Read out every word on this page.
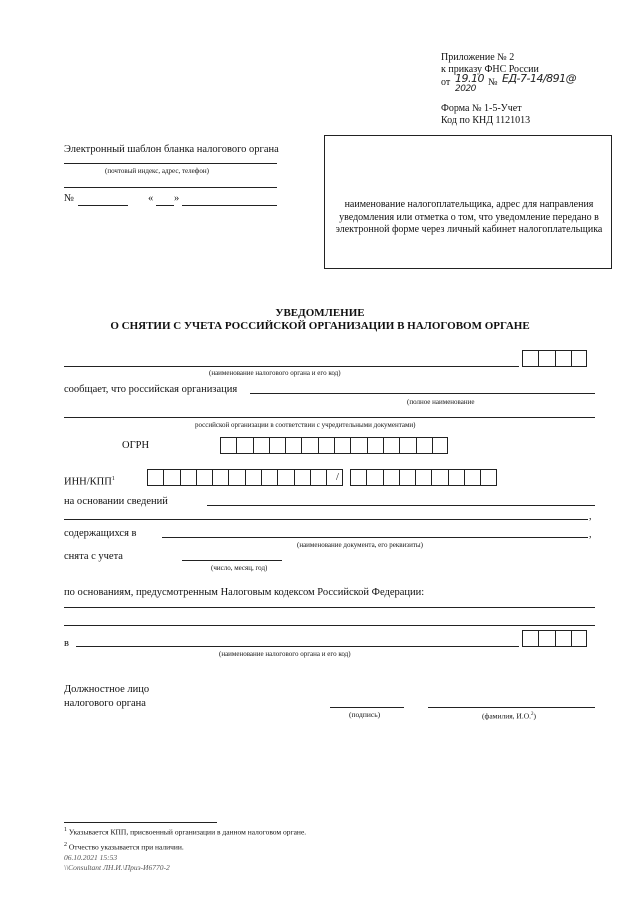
Приложение № 2
к приказу ФНС России
от 19.10 № ЕД-7-14/891@
2020
Форма № 1-5-Учет
Код по КНД 1121013
Электронный шаблон бланка налогового органа
(почтовый индекс, адрес, телефон)
№	« »
наименование налогоплательщика, адрес для направления уведомления или отметка о том, что уведомление передано в электронной форме через личный кабинет налогоплательщика
УВЕДОМЛЕНИЕ
О СНЯТИИ С УЧЕТА РОССИЙСКОЙ ОРГАНИЗАЦИИ В НАЛОГОВОМ ОРГАНЕ
(наименование налогового органа и его код)
сообщает, что российская организация
(полное наименование
российской организации в соответствии с учредительными документами)
ОГРН
ИНН/КПП$^1$	/
на основании сведений
,
содержащихся в	,
(наименование документа, его реквизиты)
снята с учета
(число, месяц, год)
по основаниям, предусмотренным Налоговым кодексом Российской Федерации:
в
(наименование налогового органа и его код)
Должностное лицо
налогового органа
(подпись)	(фамилия, И.О.$^2$)
$^1$ Указывается КПП, присвоенный организации в данном налоговом органе.
$^2$ Отчество указывается при наличии.
06.10.2021 15:53
\\Consultant ЛН.И.\Приз-И6770-2
